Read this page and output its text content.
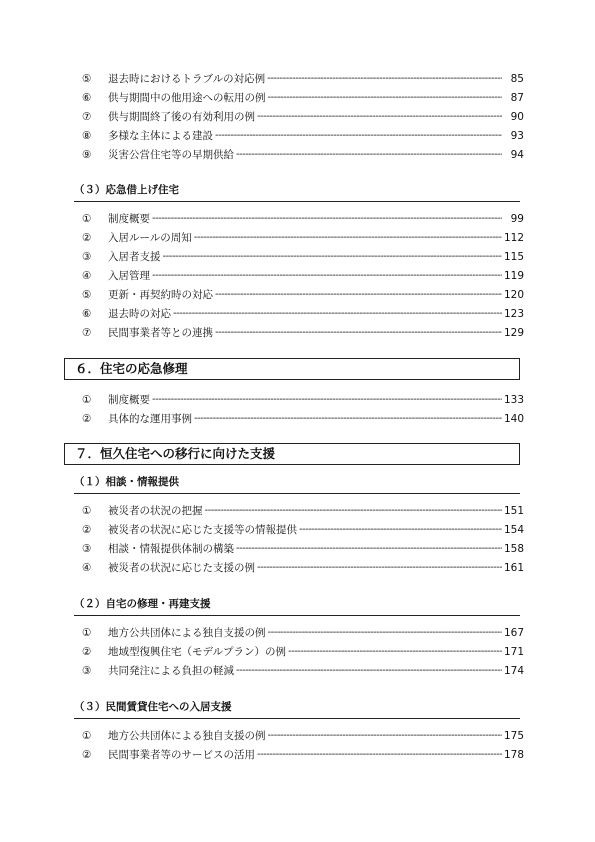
⑤	退去時におけるトラブルの対応例 -----	85
⑥	供与期間中の他用途への転用の例 -----	87
⑦	供与期間終了後の有効利用の例 -----	90
⑧	多様な主体による建設 -----	93
⑨	災害公営住宅等の早期供給 -----	94
（３）応急借上げ住宅
①	制度概要 -----	99
②	入居ルールの周知 -----	112
③	入居者支援 -----	115
④	入居管理 -----	119
⑤	更新・再契約時の対応 -----	120
⑥	退去時の対応 -----	123
⑦	民間事業者等との連携 -----	129
６．住宅の応急修理
①	制度概要 -----	133
②	具体的な運用事例 -----	140
７．恒久住宅への移行に向けた支援
（１）相談・情報提供
①	被災者の状況の把握 -----	151
②	被災者の状況に応じた支援等の情報提供 -----	154
③	相談・情報提供体制の構築 -----	158
④	被災者の状況に応じた支援の例 -----	161
（２）自宅の修理・再建支援
①	地方公共団体による独自支援の例 -----	167
②	地域型復興住宅（モデルプラン）の例 -----	171
③	共同発注による負担の軽減 -----	174
（３）民間賃貸住宅への入居支援
①	地方公共団体による独自支援の例 -----	175
②	民間事業者等のサービスの活用 -----	178
